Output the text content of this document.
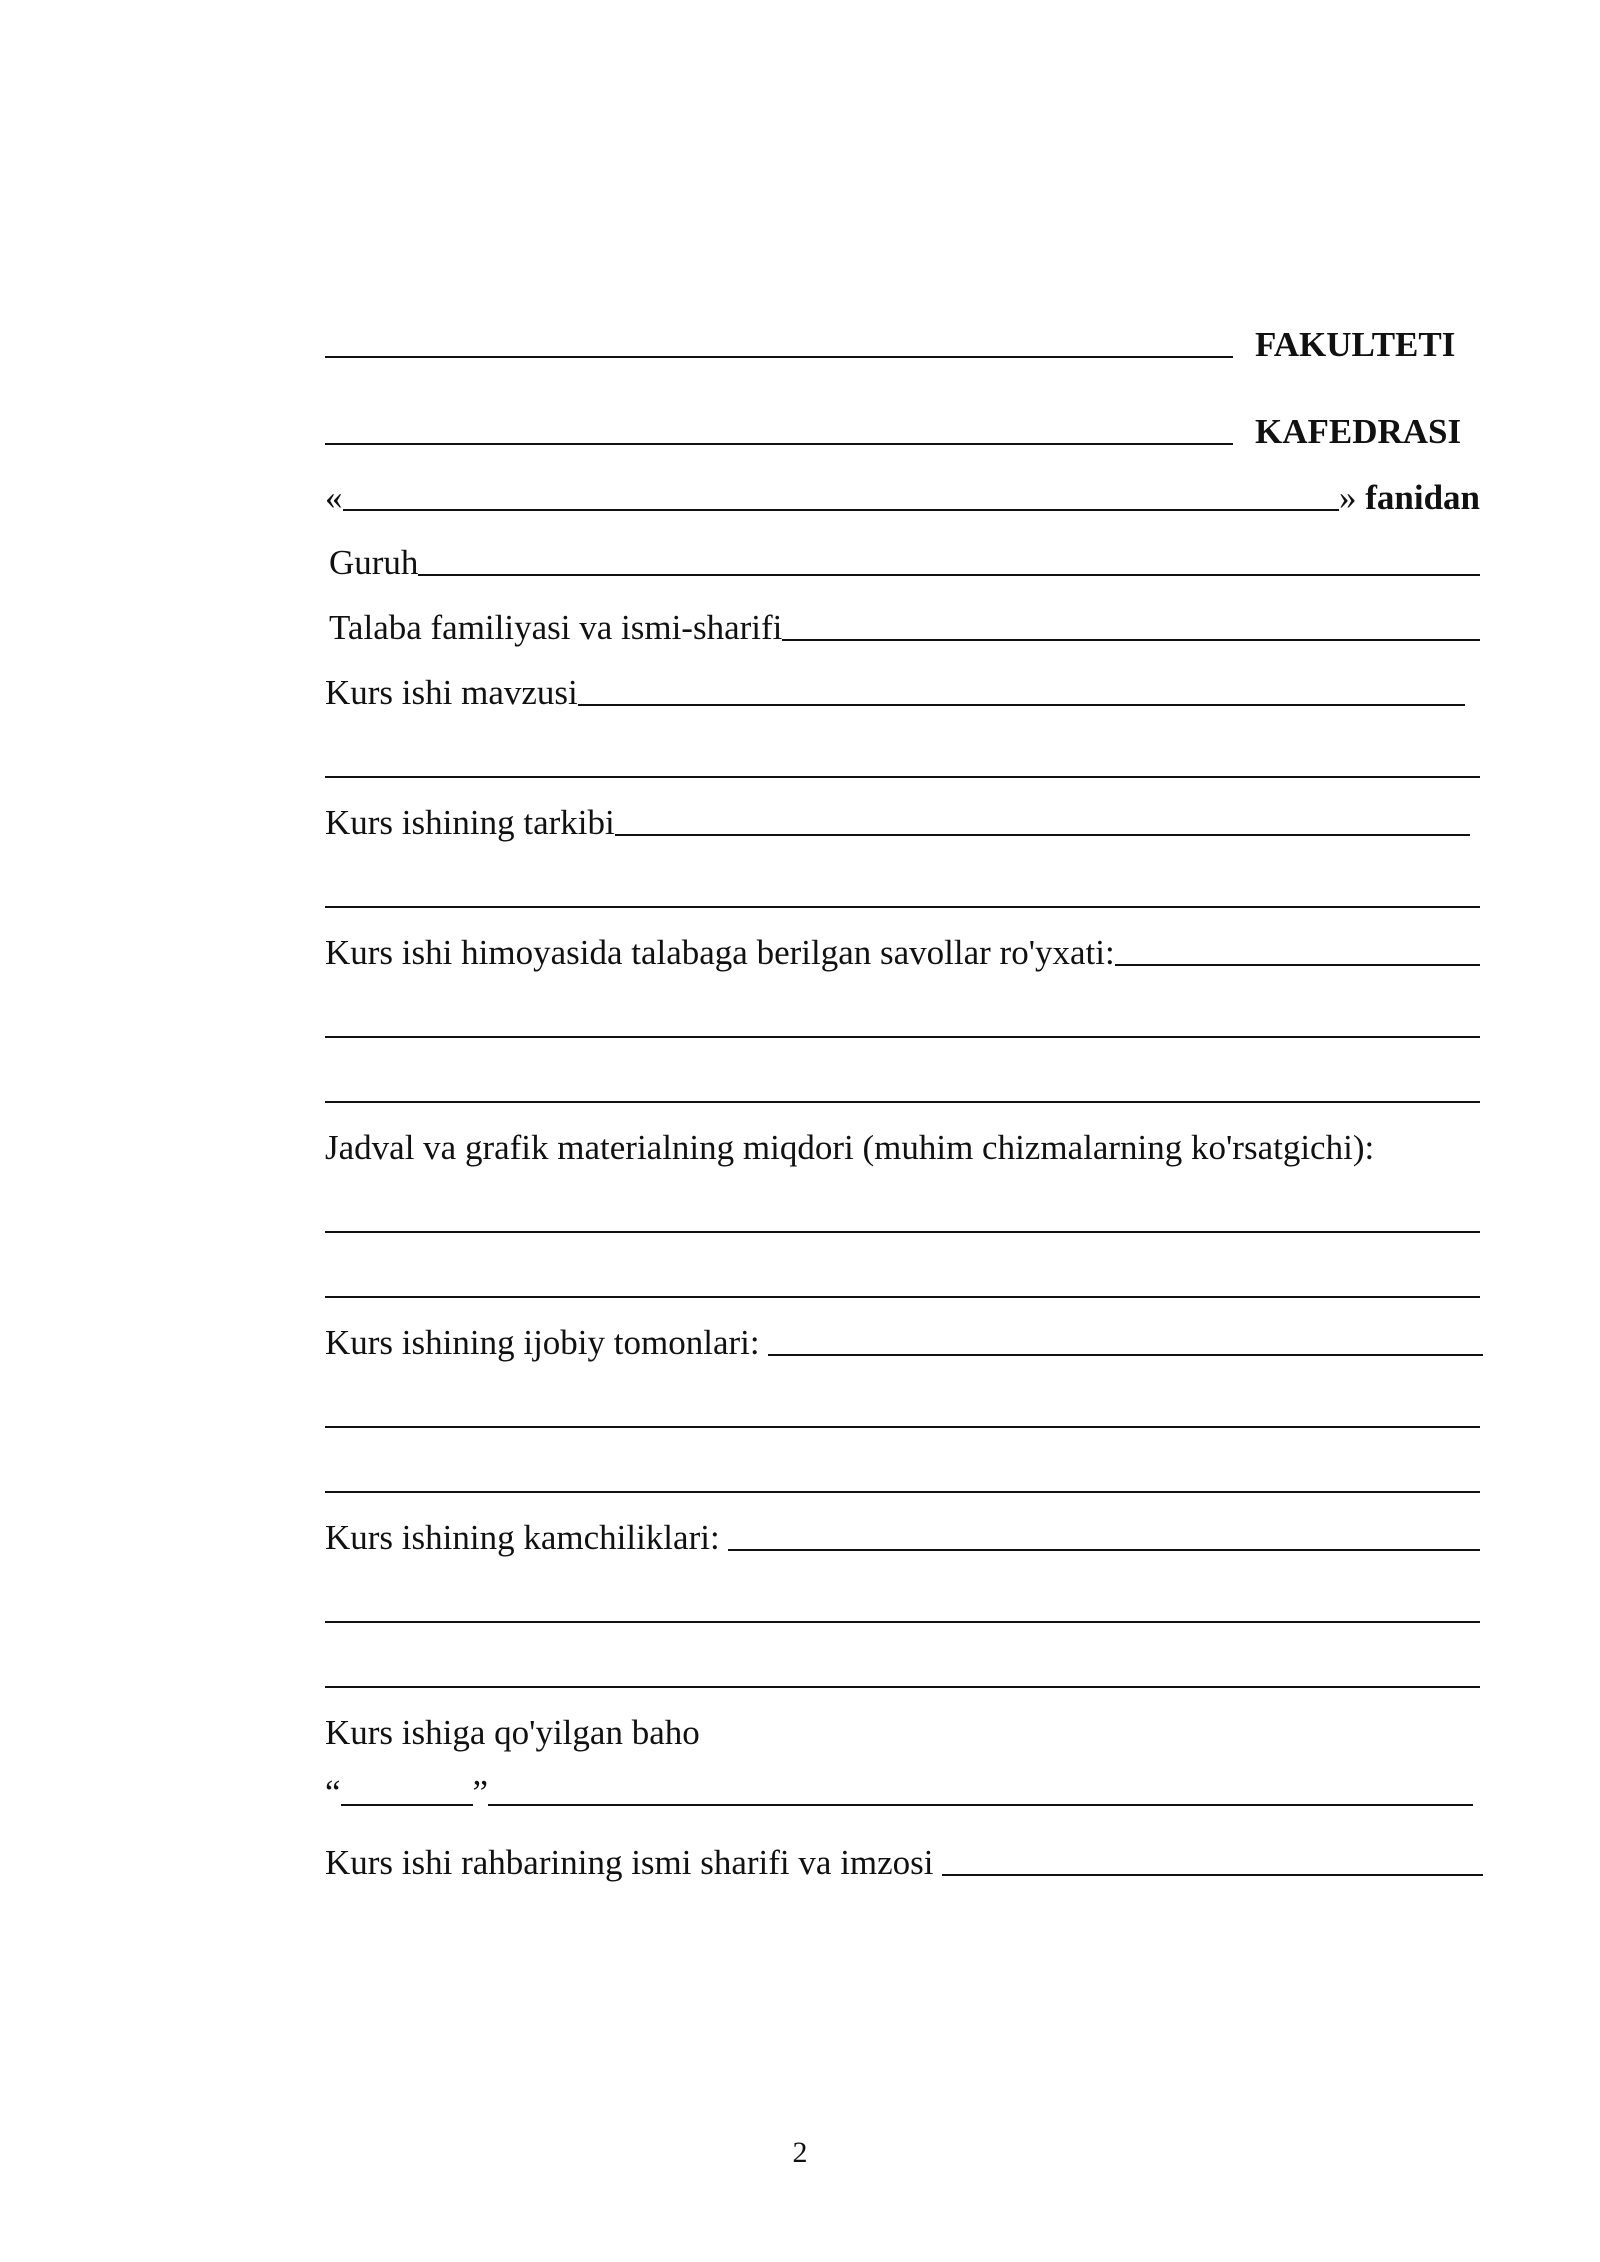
FAKULTETI
KAFEDRASI
«	» fanidan
Guruh
Talaba familiyasi va ismi-sharifi
Kurs ishi mavzusi
Kurs ishining tarkibi
Kurs ishi himoyasida talabaga berilgan savollar ro'yxati:
Jadval va grafik materialning miqdori (muhim chizmalarning ko'rsatgichi):
Kurs ishining ijobiy tomonlari:
Kurs ishining kamchiliklari:
Kurs ishiga qo'yilgan baho
“	”
Kurs ishi rahbarining ismi sharifi va imzosi
2
